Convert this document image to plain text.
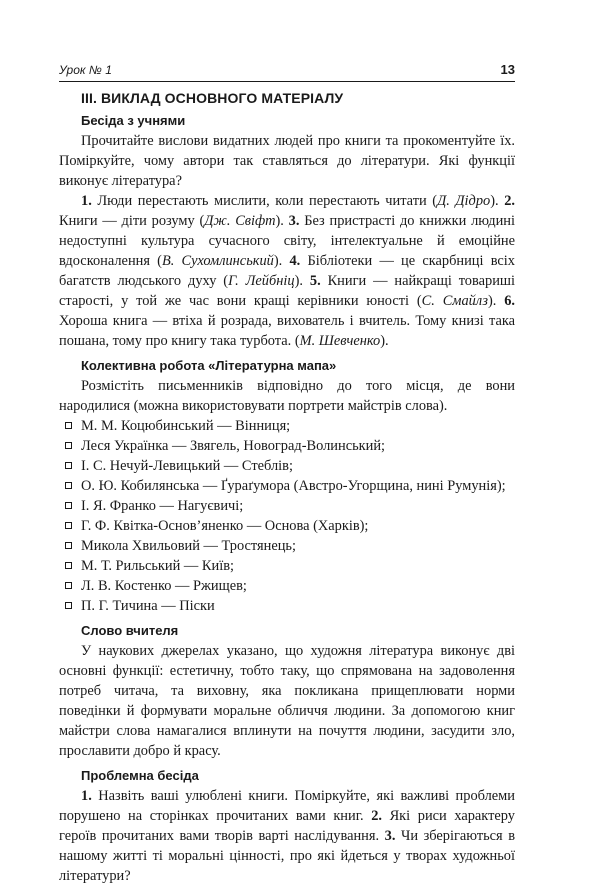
Урок № 1	13
III. ВИКЛАД ОСНОВНОГО МАТЕРІАЛУ
Бесіда з учнями

Прочитайте вислови видатних людей про книги та прокоментуйте їх. Поміркуйте, чому автори так ставляться до літератури. Які функції виконує література?

1. Люди перестають мислити, коли перестають читати (Д. Дідро). 2. Книги — діти розуму (Дж. Свіфт). 3. Без пристрасті до книжки людині недоступні культура сучасного світу, інтелектуальне й емоційне вдосконалення (В. Сухомлинський). 4. Бібліотеки — це скарбниці всіх багатств людського духу (Г. Лейбніц). 5. Книги — найкращі товариші старості, у той же час вони кращі керівники юності (С. Смайлз). 6. Хороша книга — втіха й розрада, вихователь і вчитель. Тому книзі така пошана, тому про книгу така турбота. (М. Шевченко).

Колективна робота «Літературна мапа»

Розмістіть письменників відповідно до того місця, де вони народилися (можна використовувати портрети майстрів слова).

М. М. Коцюбинський — Вінниця;
Леся Українка — Звягель, Новоград-Волинський;
І. С. Нечуй-Левицький — Стеблів;
О. Ю. Кобилянська — Ґураґумора (Австро-Угорщина, нині Румунія);
І. Я. Франко — Нагуєвичі;
Г. Ф. Квітка-Основ’яненко — Основа (Харків);
Микола Хвильовий — Тростянець;
М. Т. Рильський — Київ;
Л. В. Костенко — Ржищев;
П. Г. Тичина — Піски
Слово вчителя

У наукових джерелах указано, що художня література виконує дві основні функції: естетичну, тобто таку, що спрямована на задоволення потреб читача, та виховну, яка покликана прищеплювати норми поведінки й формувати моральне обличчя людини. За допомогою книг майстри слова намагалися вплинути на почуття людини, засудити зло, прославити добро й красу.

Проблемна бесіда

1. Назвіть ваші улюблені книги. Поміркуйте, які важливі проблеми порушено на сторінках прочитаних вами книг. 2. Які риси характеру героїв прочитаних вами творів варті наслідування. 3. Чи зберігаються в нашому житті ті моральні цінності, про які йдеться у творах художньої літератури?
